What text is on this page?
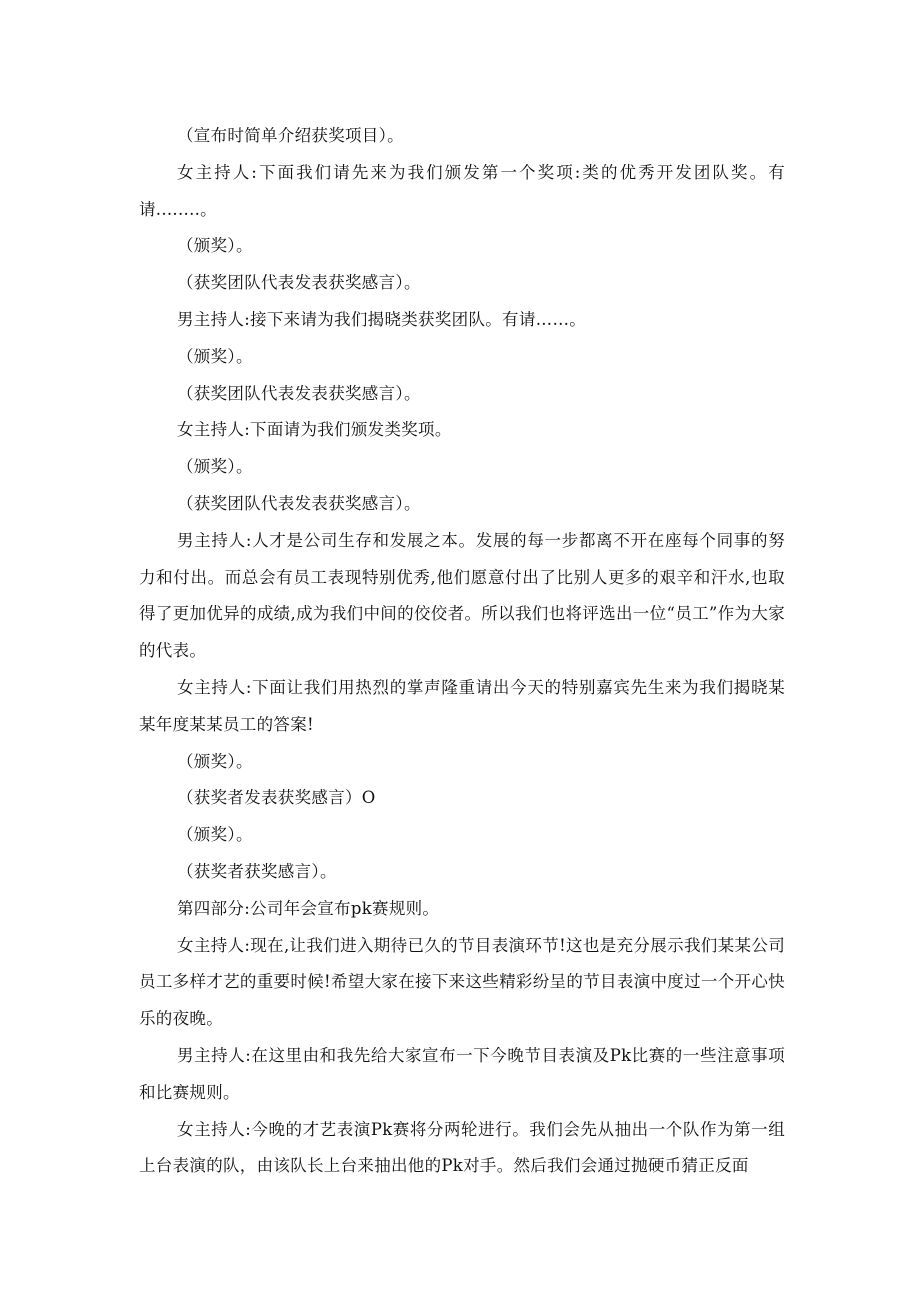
（宣布时简单介绍获奖项目）。

女主持人:下面我们请先来为我们颁发第一个奖项:类的优秀开发团队奖。有请........。

（颁奖）。

（获奖团队代表发表获奖感言）。

男主持人:接下来请为我们揭晓类获奖团队。有请……。

（颁奖）。

（获奖团队代表发表获奖感言）。

女主持人:下面请为我们颁发类奖项。

（颁奖）。

（获奖团队代表发表获奖感言）。

男主持人:人才是公司生存和发展之本。发展的每一步都离不开在座每个同事的努力和付出。而总会有员工表现特别优秀,他们愿意付出了比别人更多的艰辛和汗水,也取得了更加优异的成绩,成为我们中间的佼佼者。所以我们也将评选出一位“员工”作为大家的代表。

女主持人:下面让我们用热烈的掌声隆重请出今天的特别嘉宾先生来为我们揭晓某某年度某某员工的答案!

（颁奖）。

（获奖者发表获奖感言）O

（颁奖）。

（获奖者获奖感言）。

第四部分:公司年会宣布pk赛规则。

女主持人:现在,让我们进入期待已久的节目表演环节!这也是充分展示我们某某公司员工多样才艺的重要时候!希望大家在接下来这些精彩纷呈的节目表演中度过一个开心快乐的夜晚。

男主持人:在这里由和我先给大家宣布一下今晚节目表演及Pk比赛的一些注意事项和比赛规则。

女主持人:今晚的才艺表演Pk赛将分两轮进行。我们会先从抽出一个队作为第一组上台表演的队，由该队长上台来抽出他的Pk对手。然后我们会通过抛硬币猜正反面
